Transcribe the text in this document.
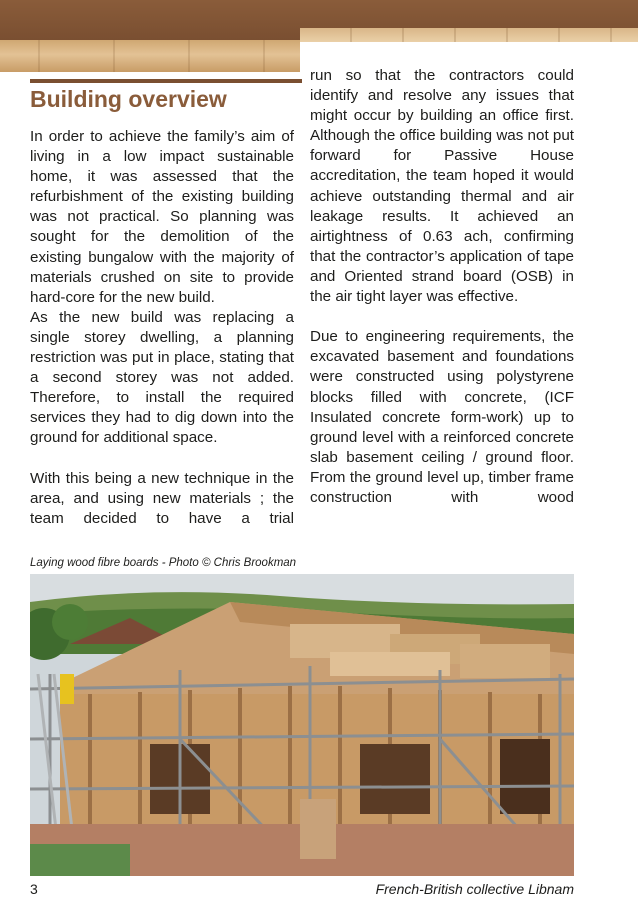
Building overview

In order to achieve the family’s aim of living in a low impact sustainable home, it was assessed that the refurbishment of the existing building was not practical. So planning was sought for the demolition of the existing bungalow with the majority of materials crushed on site to provide hard-core for the new build.

As the new build was replacing a single storey dwelling, a planning restriction was put in place, stating that a second storey was not added. Therefore, to install the required services they had to dig down into the ground for additional space.

With this being a new technique in the area, and using new materials ; the team decided to have a trial

run so that the contractors could identify and resolve any issues that might occur by building an office first. Although the office building was not put forward for Passive House accreditation, the team hoped it would achieve outstanding thermal and air leakage results. It achieved an airtightness of 0.63 ach, confirming that the contractor’s application of tape and Oriented strand board (OSB) in the air tight layer was effective.

Due to engineering requirements, the excavated basement and foundations were constructed using polystyrene blocks filled with concrete, (ICF Insulated concrete form-work) up to ground level with a reinforced concrete slab basement ceiling / ground floor. From the ground level up, timber frame construction with wood

Laying wood fibre boards - Photo © Chris Brookman
3	French-British collective Libnam
